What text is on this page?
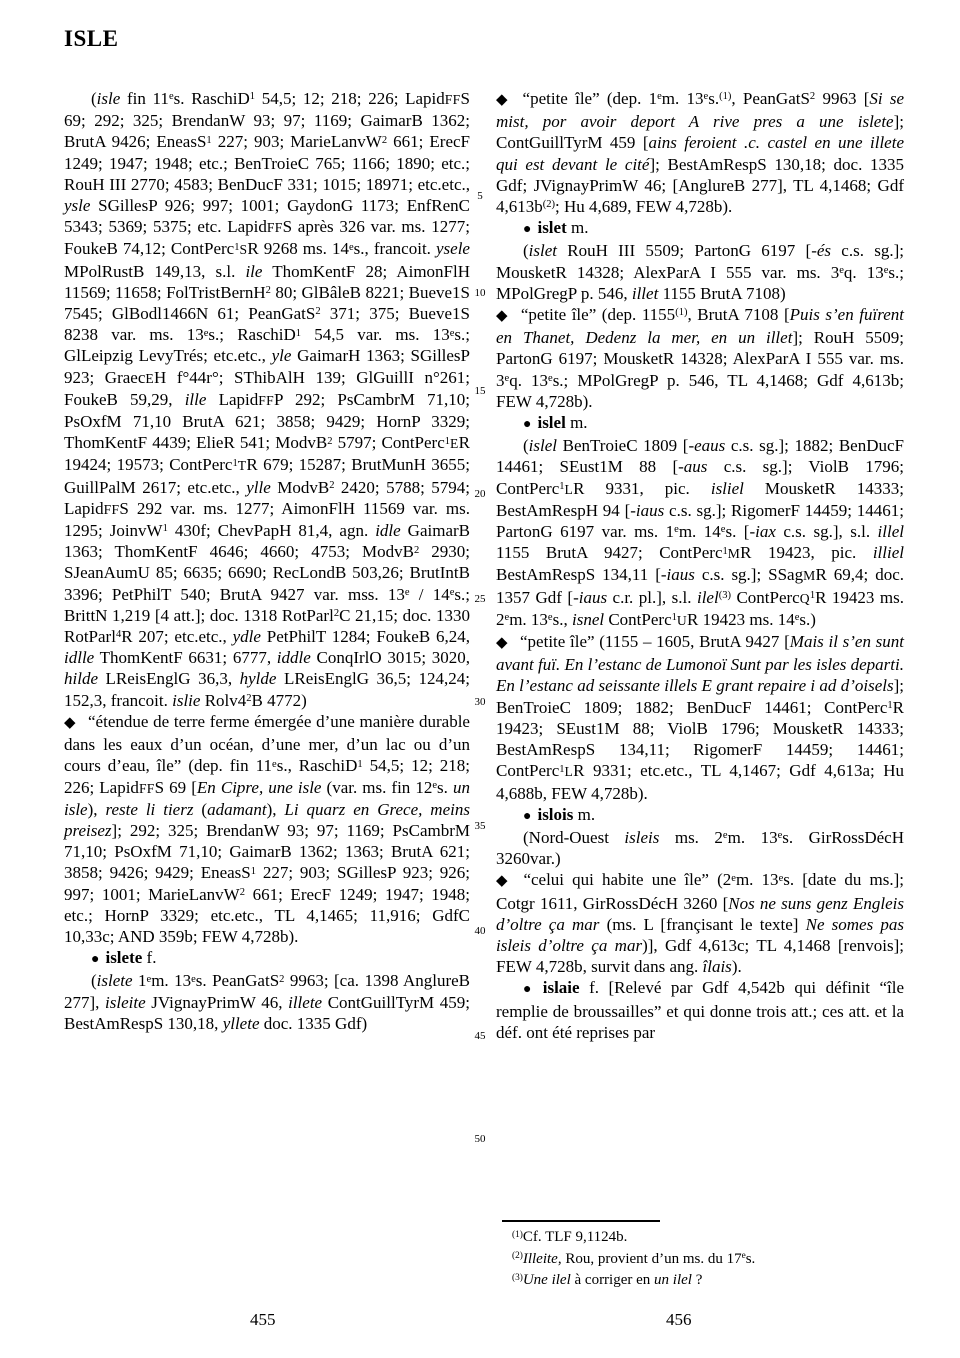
ISLE
(isle fin 11es. RaschiD$^1$ 54,5; 12; 218; 226; LapidFFS 69; 292; 325; BrendanW 93; 97; 1169; GaimarB 1362; BrutA 9426; EneasS$^1$ 227; 903; MarieLanvW$^2$ 661; ErecF 1249; 1947; 1948; etc.; BenTroieC 765; 1166; 1890; etc.; RouH III 2770; 4583; BenDucF 331; 1015; 18971; etc.etc., ysle SGillesP 926; 997; 1001; GaydonG 1173; EnfRenC 5343; 5369; 5375; etc. LapidFFS après 326 var. ms. 1277; FoukeB 74,12; ContPerc$^1$SR 9268 ms. 14es., francoit. ysele MPolRustB 149,13, s.l. ile ThomKentF 28; AimonFlH 11569; 11658; FolTristBernH$^2$ 80; GlBâleB 8221; Bueve1S 7545; GlBodl1466N 61; PeanGatS$^2$ 371; 375; Bueve1S 8238 var. ms. 13es.; RaschiD$^1$ 54,5 var. ms. 13es.; GlLeipzig LevyTrés; etc.etc., yle GaimarH 1363; SGillesP 923; GraecEH f°44r°; SThibAlH 139; GlGuillI n°261; FoukeB 59,29, ille LapidFFP 292; PsCambrM 71,10; PsOxfM 71,10 BrutA 621; 3858; 9429; HornP 3329; ThomKentF 4439; ElieR 541; ModvB$^2$ 5797; ContPerc$^1$ER 19424; 19573; ContPerc$^1$TR 679; 15287; BrutMunH 3655; GuillPalM 2617; etc.etc., ylle ModvB$^2$ 2420; 5788; 5794; LapidFFS 292 var. ms. 1277; AimonFlH 11569 var. ms. 1295; JoinvW$^1$ 430f; ChevPapH 81,4, agn. idle GaimarB 1363; ThomKentF 4646; 4660; 4753; ModvB$^2$ 2930; SJeanAumU 85; 6635; 6690; RecLondB 503,26; BrutIntB 3396; PetPhilT 540; BrutA 9427 var. mss. 13e / 14es.; BrittN 1,219 [4 att.]; doc. 1318 RotParl$^2$C 21,15; doc. 1330 RotParl$^4$R 207; etc.etc., ydle PetPhilT 1284; FoukeB 6,24, idlle ThomKentF 6631; 6777, iddle ConqIrlO 3015; 3020, hilde LReisEnglG 36,3, hylde LReisEnglG 36,5; 124,24; 152,3, francoit. islie $Rolv4^2B$ 4772)
◆ “étendue de terre ferme émergée d’une manière durable dans les eaux d’un océan, d’une mer, d’un lac ou d’un cours d’eau, île” (dep. fin 11es., RaschiD$^1$ 54,5; 12; 218; 226; LapidFFS 69 [En Cipre, une isle (var. ms. fin 12es. un isle), reste li tierz (adamant), Li quarz en Grece, meins preisez]; 292; 325; BrendanW 93; 97; 1169; PsCambrM 71,10; PsOxfM 71,10; GaimarB 1362; 1363; BrutA 621; 3858; 9426; 9429; EneasS$^1$ 227; 903; SGillesP 923; 926; 997; 1001; MarieLanvW$^2$ 661; ErecF 1249; 1947; 1948; etc.; HornP 3329; etc.etc., TL 4,1465; 11,916; GdfC 10,33c; AND 359b; FEW 4,728b).
● islete f.
(islete 1em. 13es. PeanGatS$^2$ 9963; [ca. 1398 AnglureB 277], isleite JVignayPrimW 46, illete ContGuillTyrM 459; BestAmRespS 130,18, yllete doc. 1335 Gdf)
◆ “petite île” (dep. 1em. 13es.$^{(1)}$, PeanGatS$^2$ 9963 [Si se mist, por avoir deport A rive pres a une islete]; ContGuillTyrM 459 [ains feroient .c. castel en une illete qui est devant le cité]; BestAmRespS 130,18; doc. 1335 Gdf; JVignayPrimW 46; [AnglureB 277], TL 4,1468; Gdf $4,613b^{(2)}$; Hu 4,689, FEW 4,728b).
● islet m.
(islet RouH III 5509; PartonG 6197 [-és c.s. sg.]; MousketR 14328; AlexParA I 555 var. ms. 3eq. 13es.; MPolGregP p. 546, illet 1155 BrutA 7108)
◆ “petite île” (dep. 1155$^{(1)}$, BrutA 7108 [Puis s’en fuïrent en Thanet, Dedenz la mer, en un illet]; RouH 5509; PartonG 6197; MousketR 14328; AlexParA I 555 var. ms. 3eq. 13es.; MPolGregP p. 546, TL 4,1468; Gdf 4,613b; FEW 4,728b).
● islel m.
(islel BenTroieC 1809 [-eaus c.s. sg.]; 1882; BenDucF 14461; SEust1M 88 [-aus c.s. sg.]; ViolB 1796; ContPerc$^1$LR 9331, pic. isliel MousketR 14333; BestAmRespH 94 [-iaus c.s. sg.]; RigomerF 14459; 14461; PartonG 6197 var. ms. 1em. 14es. [-iax c.s. sg.], s.l. illel 1155 BrutA 9427; ContPerc$^1$MR 19423, pic. illiel BestAmRespS 134,11 [-iaus c.s. sg.]; SSagMR 69,4; doc. 1357 Gdf [-iaus c.r. pl.], s.l. ilel$^{(3)}$ ContPercQ$^1$R 19423 ms. 2em. 13es., isnel ContPerc$^1$UR 19423 ms. 14es.)
◆ “petite île” (1155 – 1605, BrutA 9427 [Mais il s’en sunt avant fuï. En l’estanc de Lumonoï Sunt par les isles departi. En l’estanc ad seissante illels E grant repaire i ad d’oisels]; BenTroieC 1809; 1882; BenDucF 14461; ContPerc$^1$R 19423; SEust1M 88; ViolB 1796; MousketR 14333; BestAmRespS 134,11; RigomerF 14459; 14461; ContPerc$^1$LR 9331; etc.etc., TL 4,1467; Gdf 4,613a; Hu 4,688b, FEW 4,728b).
● islois m.
(Nord-Ouest isleis ms. 2em. 13es. GirRossDécH 3260var.)
◆ “celui qui habite une île” (2em. 13es. [date du ms.]; Cotgr 1611, GirRossDécH 3260 [Nos ne suns genz Engleis d’oltre ça mar (ms. L [françisant le texte] Ne somes pas isleis d’oltre ça mar)], Gdf 4,613c; TL 4,1468 [renvois]; FEW 4,728b, survit dans ang. îlais).
● islaie f. [Relevé par Gdf 4,542b qui définit “île remplie de broussailles” et qui donne trois att.; ces att. et la déf. ont été reprises par
5
10
15
20
25
30
35
40
45
50
$^{(1)}$Cf. TLF 9,1124b.
$^{(2)}$Illeite, Rou, provient d’un ms. du 17es.
$^{(3)}$Une ilel à corriger en un ilel ?
455	456
